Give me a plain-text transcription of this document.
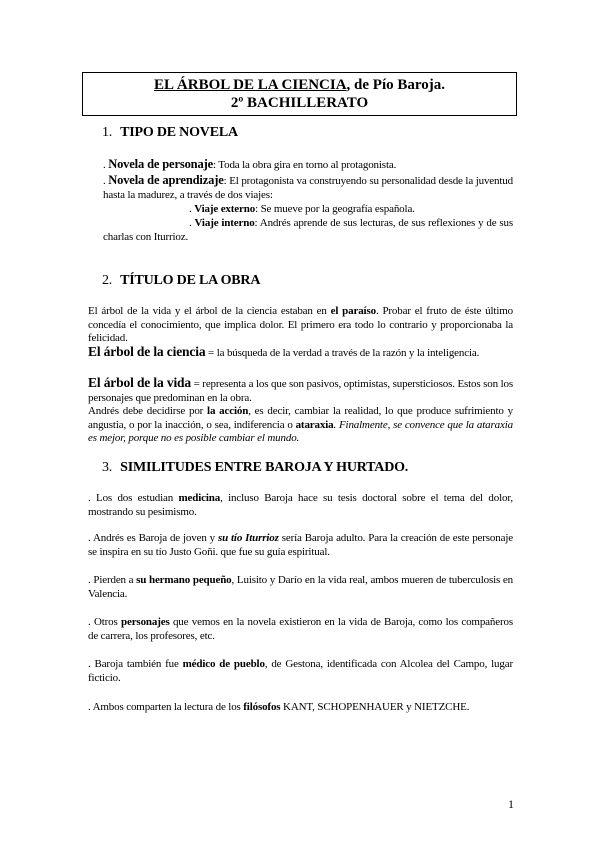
EL ÁRBOL DE LA CIENCIA, de Pío Baroja.
2º BACHILLERATO
1. TIPO DE NOVELA
. Novela de personaje: Toda la obra gira en torno al protagonista.
. Novela de aprendizaje: El protagonista va construyendo su personalidad desde la juventud hasta la madurez, a través de dos viajes:
. Viaje externo: Se mueve por la geografía española.
. Viaje interno: Andrés aprende de sus lecturas, de sus reflexiones y de sus charlas con Iturrioz.
2. TÍTULO DE LA OBRA
El árbol de la vida y el árbol de la ciencia estaban en el paraíso. Probar el fruto de éste último concedía el conocimiento, que implica dolor. El primero era todo lo contrario y proporcionaba la felicidad.
El árbol de la ciencia = la búsqueda de la verdad a través de la razón y la inteligencia.
El árbol de la vida = representa a los que son pasivos, optimistas, supersticiosos. Estos son los personajes que predominan en la obra.
Andrés debe decidirse por la acción, es decir, cambiar la realidad, lo que produce sufrimiento y angustia, o por la inacción, o sea, indiferencia o ataraxia. Finalmente, se convence que la ataraxia es mejor, porque no es posible cambiar el mundo.
3. SIMILITUDES ENTRE BAROJA Y HURTADO.
. Los dos estudian medicina, incluso Baroja hace su tesis doctoral sobre el tema del dolor, mostrando su pesimismo.
. Andrés es Baroja de joven y su tío Iturrioz sería Baroja adulto. Para la creación de este personaje se inspira en su tío Justo Goñi. que fue su guía espiritual.
. Pierden a su hermano pequeño, Luisito y Darío en la vida real, ambos mueren de tuberculosis en Valencia.
. Otros personajes que vemos en la novela existieron en la vida de Baroja, como los compañeros de carrera, los profesores, etc.
. Baroja también fue médico de pueblo, de Gestona, identificada con Alcolea del Campo, lugar ficticio.
. Ambos comparten la lectura de los filósofos KANT, SCHOPENHAUER y NIETZCHE.
1
